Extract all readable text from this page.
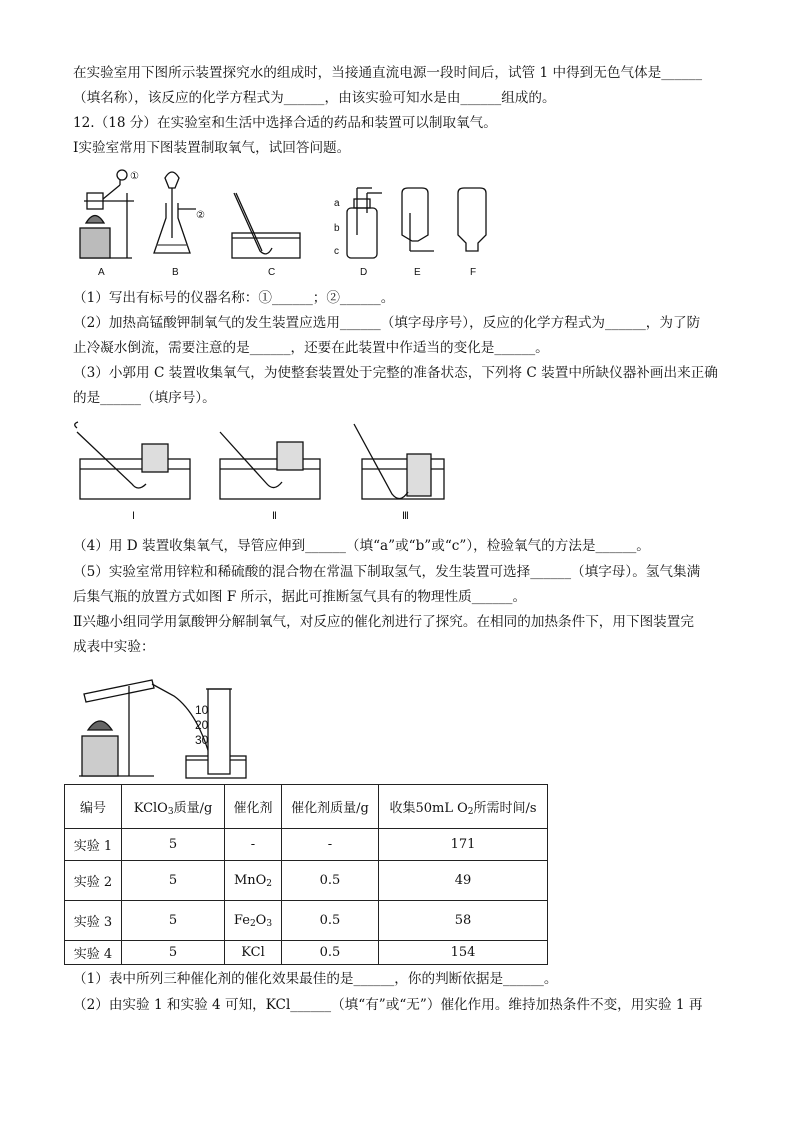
在实验室用下图所示装置探究水的组成时，当接通直流电源一段时间后，试管 1 中得到无色气体是______
（填名称），该反应的化学方程式为______，由该实验可知水是由______组成的。
12.（18 分）在实验室和生活中选择合适的药品和装置可以制取氧气。
Ⅰ实验室常用下图装置制取氧气，试回答问题。
①
②
a
b
c
A	B	C	D	E	F
（1）写出有标号的仪器名称：①______；②______。
（2）加热高锰酸钾制氧气的发生装置应选用______（填字母序号），反应的化学方程式为______，为了防
止冷凝水倒流，需要注意的是______，还要在此装置中作适当的变化是______。
（3）小郭用 C 装置收集氧气，为使整套装置处于完整的准备状态，下列将 C 装置中所缺仪器补画出来正确
的是______（填序号）。
Ⅰ	Ⅱ	Ⅲ
（4）用 D 装置收集氧气，导管应伸到______（填“a”或“b”或“c”），检验氧气的方法是______。
（5）实验室常用锌粒和稀硫酸的混合物在常温下制取氢气，发生装置可选择______（填字母）。氢气集满
后集气瓶的放置方式如图 F 所示，据此可推断氢气具有的物理性质______。
Ⅱ兴趣小组同学用氯酸钾分解制氧气，对反应的催化剂进行了探究。在相同的加热条件下，用下图装置完
成表中实验：
10
20
30
编号	KClO$_3$质量/g	催化剂	催化剂质量/g	收集50mL $O_2$所需时间/s
实验 1	5	-	-	171
实验 2	5	MnO$_2$	0.5	49
实验 3	5	$Fe_2O_3$	0.5	58
实验 4	5	KCl	0.5	154
（1）表中所列三种催化剂的催化效果最佳的是______，你的判断依据是______。
（2）由实验 1 和实验 4 可知，KCl______（填“有”或“无”）催化作用。维持加热条件不变，用实验 1 再
